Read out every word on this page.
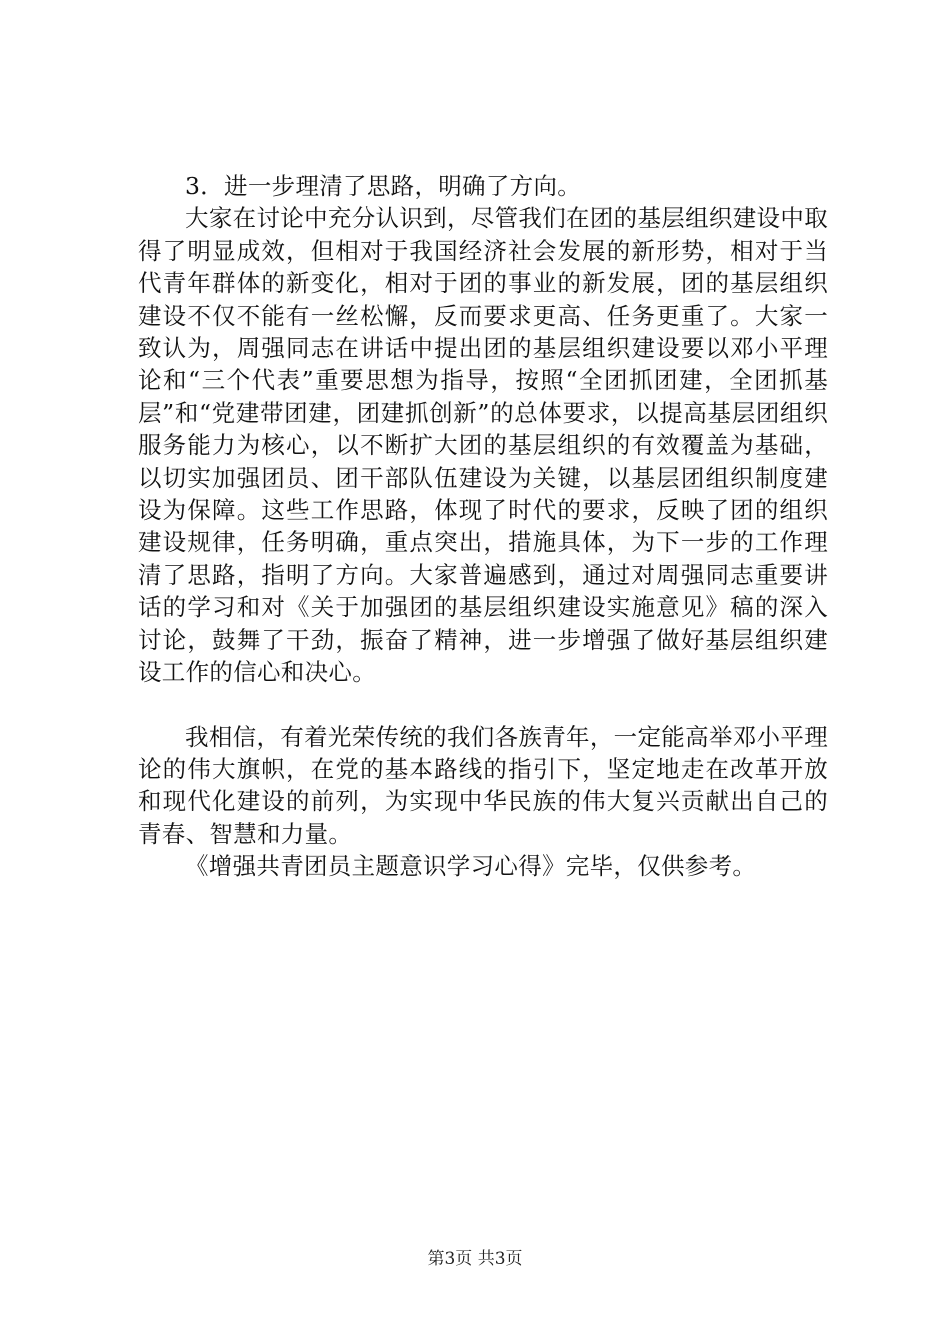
3．进一步理清了思路，明确了方向。

大家在讨论中充分认识到，尽管我们在团的基层组织建设中取得了明显成效，但相对于我国经济社会发展的新形势，相对于当代青年群体的新变化，相对于团的事业的新发展，团的基层组织建设不仅不能有一丝松懈，反而要求更高、任务更重了。大家一致认为，周强同志在讲话中提出团的基层组织建设要以邓小平理论和“三个代表”重要思想为指导，按照“全团抓团建，全团抓基层”和“党建带团建，团建抓创新”的总体要求，以提高基层团组织服务能力为核心，以不断扩大团的基层组织的有效覆盖为基础，以切实加强团员、团干部队伍建设为关键，以基层团组织制度建设为保障。这些工作思路，体现了时代的要求，反映了团的组织建设规律，任务明确，重点突出，措施具体，为下一步的工作理清了思路，指明了方向。大家普遍感到，通过对周强同志重要讲话的学习和对《关于加强团的基层组织建设实施意见》稿的深入讨论，鼓舞了干劲，振奋了精神，进一步增强了做好基层组织建设工作的信心和决心。

我相信，有着光荣传统的我们各族青年，一定能高举邓小平理论的伟大旗帜，在党的基本路线的指引下，坚定地走在改革开放和现代化建设的前列，为实现中华民族的伟大复兴贡献出自己的青春、智慧和力量。

《增强共青团员主题意识学习心得》完毕，仅供参考。

第3页 共3页
